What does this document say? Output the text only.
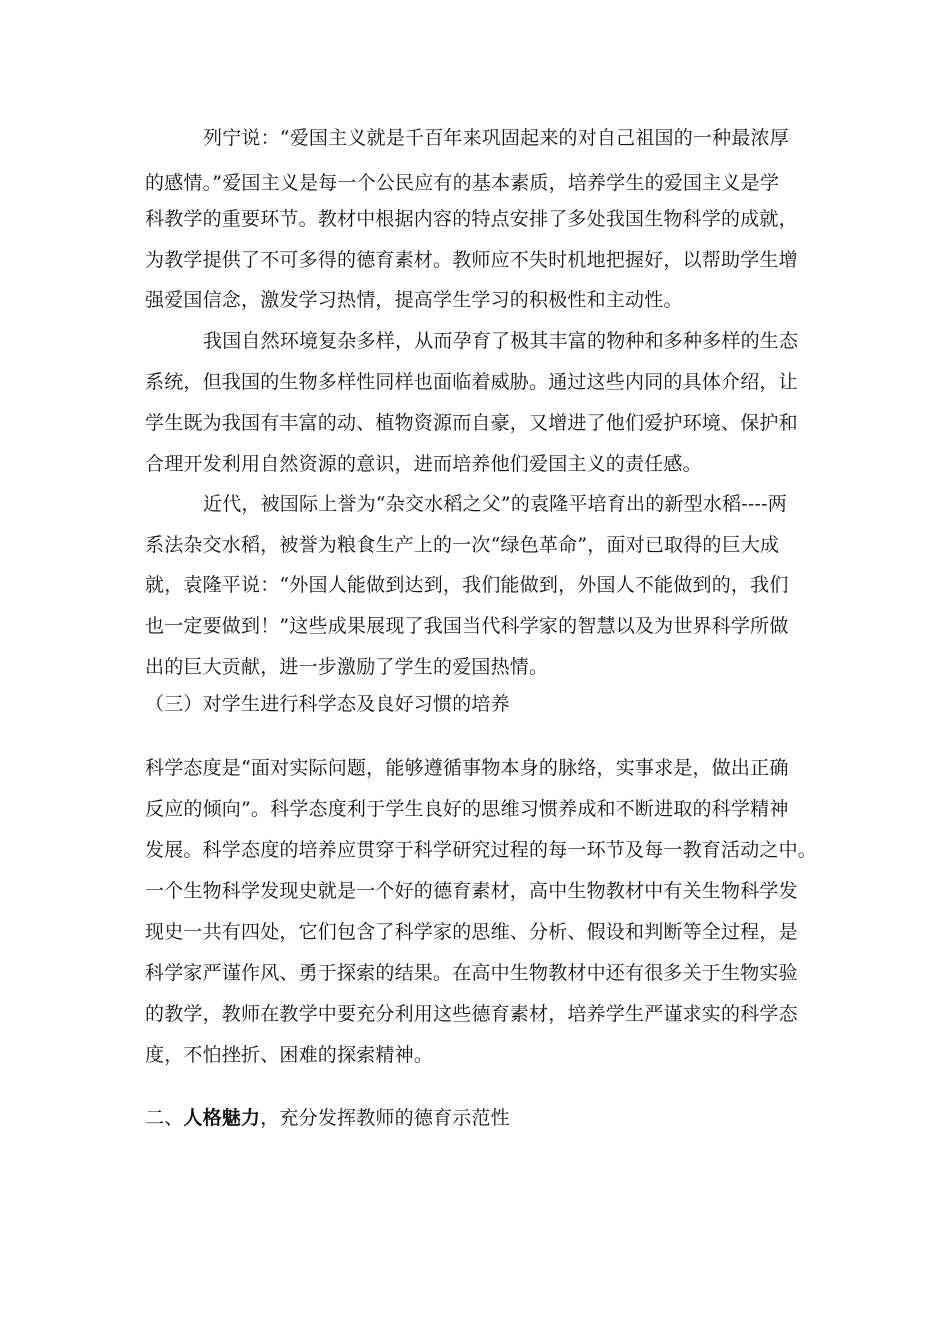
列宁说：“爱国主义就是千百年来巩固起来的对自己祖国的一种最浓厚
的感情。”爱国主义是每一个公民应有的基本素质，培养学生的爱国主义是学
科教学的重要环节。教材中根据内容的特点安排了多处我国生物科学的成就，
为教学提供了不可多得的德育素材。教师应不失时机地把握好，以帮助学生增
强爱国信念，激发学习热情，提高学生学习的积极性和主动性。
我国自然环境复杂多样，从而孕育了极其丰富的物种和多种多样的生态
系统，但我国的生物多样性同样也面临着威胁。通过这些内同的具体介绍，让
学生既为我国有丰富的动、植物资源而自豪，又增进了他们爱护环境、保护和
合理开发利用自然资源的意识，进而培养他们爱国主义的责任感。
近代，被国际上誉为“杂交水稻之父”的袁隆平培育出的新型水稻----两
系法杂交水稻，被誉为粮食生产上的一次“绿色革命”，面对已取得的巨大成
就，袁隆平说：“外国人能做到达到，我们能做到，外国人不能做到的，我们
也一定要做到！”这些成果展现了我国当代科学家的智慧以及为世界科学所做
出的巨大贡献，进一步激励了学生的爱国热情。
（三）对学生进行科学态及良好习惯的培养
科学态度是“面对实际问题，能够遵循事物本身的脉络，实事求是，做出正确
反应的倾向”。科学态度利于学生良好的思维习惯养成和不断进取的科学精神
发展。科学态度的培养应贯穿于科学研究过程的每一环节及每一教育活动之中。
一个生物科学发现史就是一个好的德育素材，高中生物教材中有关生物科学发
现史一共有四处，它们包含了科学家的思维、分析、假设和判断等全过程，是
科学家严谨作风、勇于探索的结果。在高中生物教材中还有很多关于生物实验
的教学，教师在教学中要充分利用这些德育素材，培养学生严谨求实的科学态
度，不怕挫折、困难的探索精神。
二、人格魅力，充分发挥教师的德育示范性
